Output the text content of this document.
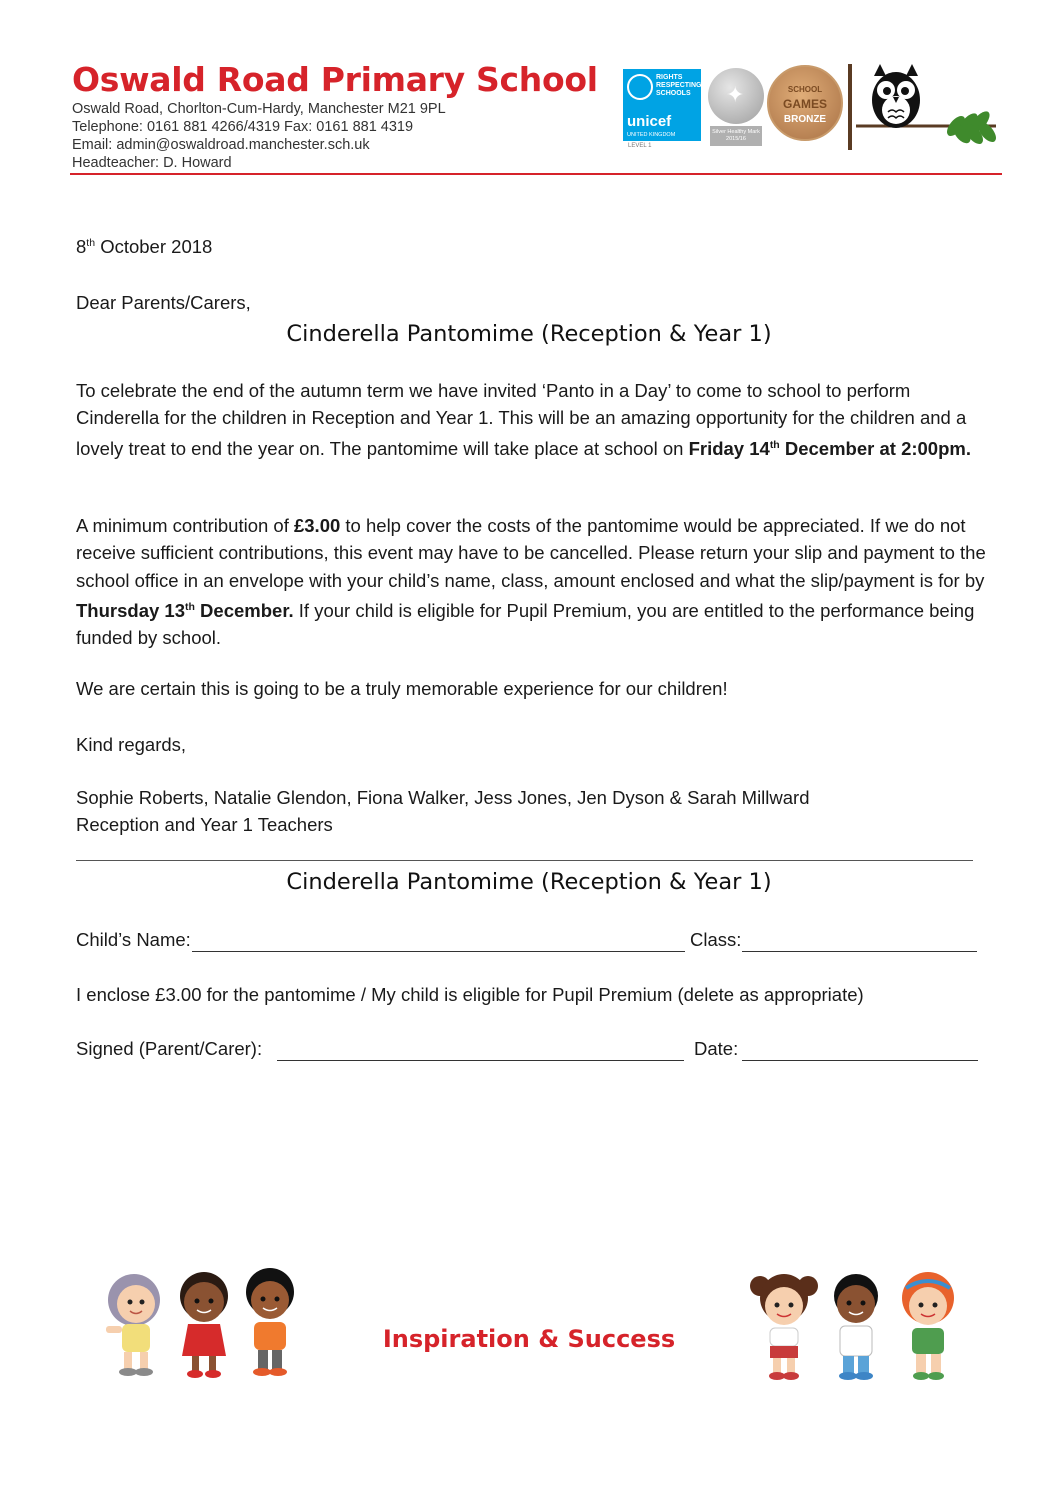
Oswald Road Primary School
Oswald Road, Chorlton-Cum-Hardy, Manchester M21 9PL
Telephone: 0161 881 4266/4319 Fax: 0161 881 4319
Email: admin@oswaldroad.manchester.sch.uk
Headteacher: D. Howard
RIGHTS RESPECTING SCHOOLS
unicef
UNITED KINGDOM
LEVEL 1
✦
Silver Healthy Mark 2015/16
SCHOOL
GAMES
BRONZE
8th October 2018
Dear Parents/Carers,
Cinderella Pantomime (Reception & Year 1)
To celebrate the end of the autumn term we have invited ‘Panto in a Day’ to come to school to perform Cinderella for the children in Reception and Year 1. This will be an amazing opportunity for the children and a lovely treat to end the year on. The pantomime will take place at school on Friday 14th December at 2:00pm.
A minimum contribution of £3.00 to help cover the costs of the pantomime would be appreciated. If we do not receive sufficient contributions, this event may have to be cancelled. Please return your slip and payment to the school office in an envelope with your child’s name, class, amount enclosed and what the slip/payment is for by Thursday 13th December. If your child is eligible for Pupil Premium, you are entitled to the performance being funded by school.
We are certain this is going to be a truly memorable experience for our children!
Kind regards,
Sophie Roberts, Natalie Glendon, Fiona Walker, Jess Jones, Jen Dyson & Sarah Millward
Reception and Year 1 Teachers
Cinderella Pantomime (Reception & Year 1)
Child’s Name:	Class:
I enclose £3.00 for the pantomime / My child is eligible for Pupil Premium (delete as appropriate)
Signed (Parent/Carer):	Date:
Inspiration & Success
